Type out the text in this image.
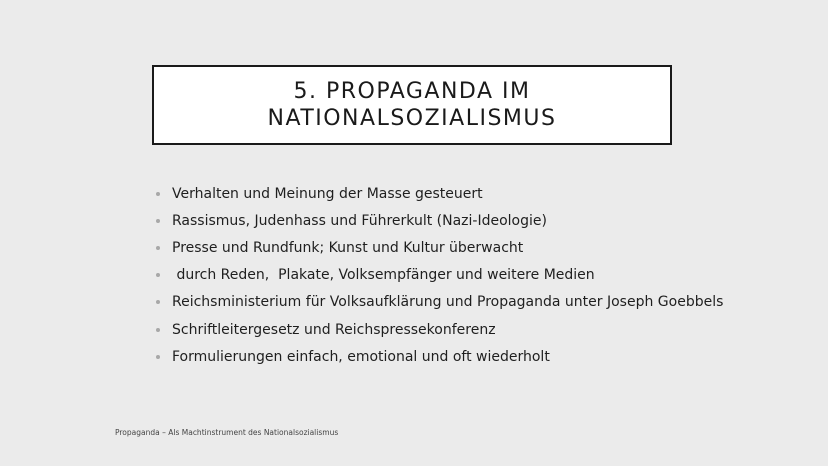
5. PROPAGANDA IM
NATIONALSOZIALISMUS
Verhalten und Meinung der Masse gesteuert
Rassismus, Judenhass und Führerkult (Nazi-Ideologie)
Presse und Rundfunk; Kunst und Kultur überwacht
durch Reden,  Plakate, Volksempfänger und weitere Medien
Reichsministerium für Volksaufklärung und Propaganda unter Joseph Goebbels
Schriftleitergesetz und Reichspressekonferenz
Formulierungen einfach, emotional und oft wiederholt
Propaganda – Als Machtinstrument des Nationalsozialismus
